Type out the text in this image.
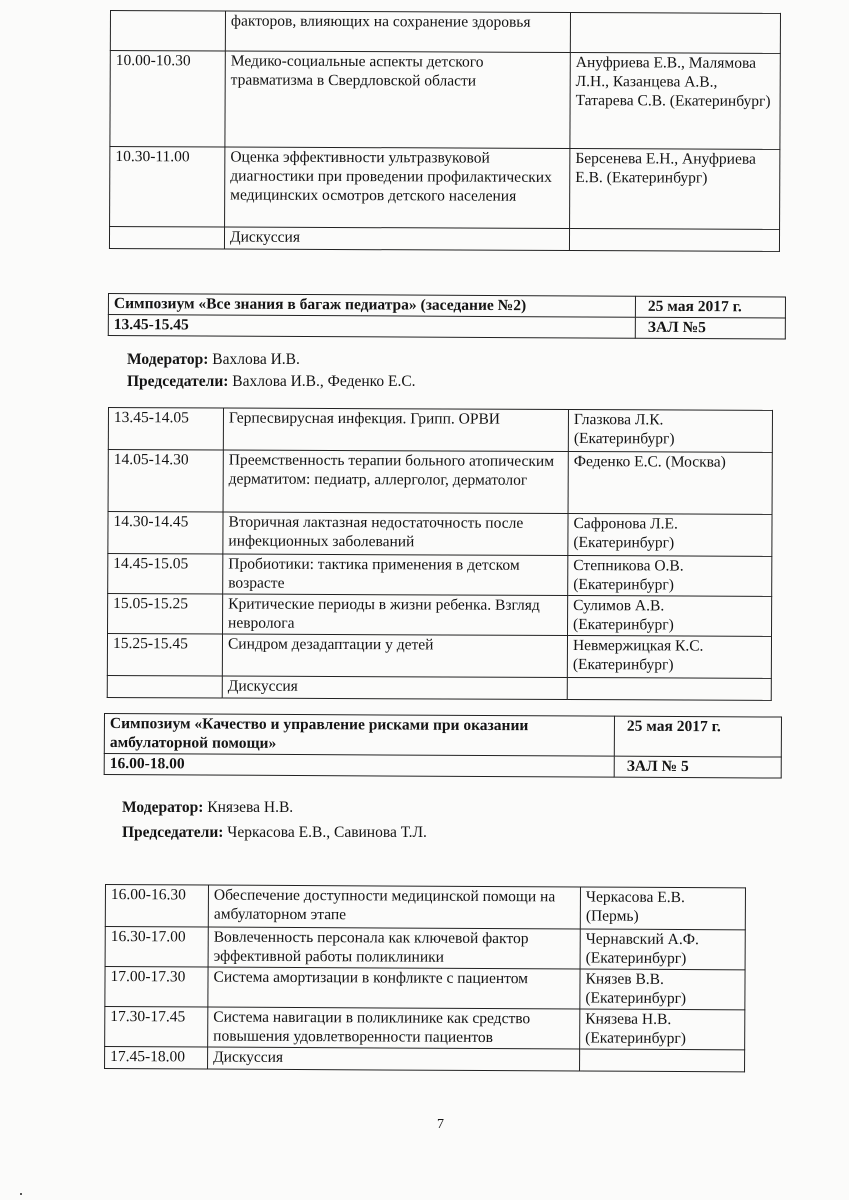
	факторов, влияющих на сохранение здоровья	
10.00-10.30	Медико-социальные аспекты детского травматизма в Свердловской области	Ануфриева Е.В., Малямова Л.Н., Казанцева А.В., Татарева С.В. (Екатеринбург)
10.30-11.00	Оценка эффективности ультразвуковой диагностики при проведении профилактических медицинских осмотров детского населения	Берсенева Е.Н., Ануфриева Е.В. (Екатеринбург)
	Дискуссия	
Симпозиум «Все знания в багаж педиатра» (заседание №2)	25 мая 2017 г.
13.45-15.45	ЗАЛ №5
Модератор: Вахлова И.В.
Председатели: Вахлова И.В., Феденко Е.С.
13.45-14.05	Герпесвирусная инфекция. Грипп. ОРВИ	Глазкова Л.К. (Екатеринбург)
14.05-14.30	Преемственность терапии больного атопическим дерматитом: педиатр, аллерголог, дерматолог	Феденко Е.С. (Москва)
14.30-14.45	Вторичная лактазная недостаточность после инфекционных заболеваний	Сафронова Л.Е. (Екатеринбург)
14.45-15.05	Пробиотики: тактика применения в детском возрасте	Степникова О.В. (Екатеринбург)
15.05-15.25	Критические периоды в жизни ребенка. Взгляд невролога	Сулимов А.В. (Екатеринбург)
15.25-15.45	Синдром дезадаптации у детей	Невмержицкая К.С. (Екатеринбург)
	Дискуссия	
Симпозиум «Качество и управление рисками при оказании амбулаторной помощи»	25 мая 2017 г.
16.00-18.00	ЗАЛ № 5
Модератор: Князева Н.В.
Председатели: Черкасова Е.В., Савинова Т.Л.
16.00-16.30	Обеспечение доступности медицинской помощи на амбулаторном этапе	Черкасова Е.В. (Пермь)
16.30-17.00	Вовлеченность персонала как ключевой фактор эффективной работы поликлиники	Чернавский А.Ф. (Екатеринбург)
17.00-17.30	Система амортизации в конфликте с пациентом	Князев В.В. (Екатеринбург)
17.30-17.45	Система навигации в поликлинике как средство повышения удовлетворенности пациентов	Князева Н.В. (Екатеринбург)
17.45-18.00	Дискуссия	
7
